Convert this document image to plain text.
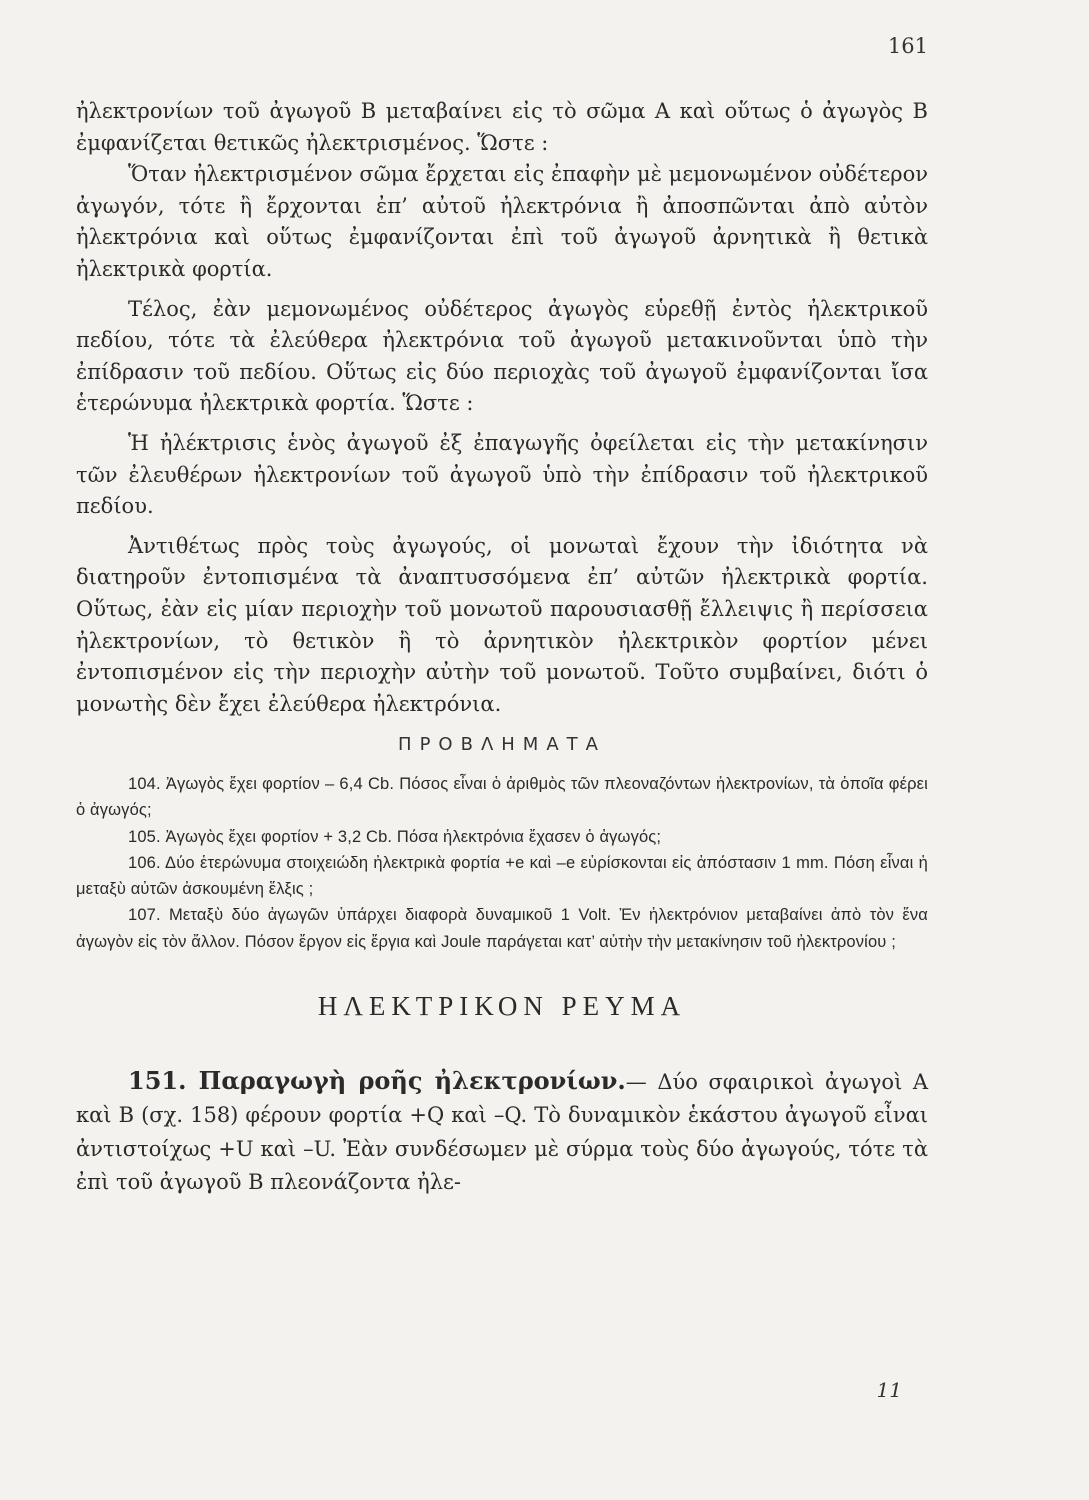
161

ἠλεκτρονίων τοῦ ἀγωγοῦ Β μεταβαίνει εἰς τὸ σῶμα Α καὶ οὕτως ὁ ἀγωγὸς Β ἐμφανίζεται θετικῶς ἠλεκτρισμένος. Ὥστε :

Ὅταν ἠλεκτρισμένον σῶμα ἔρχεται εἰς ἐπαφὴν μὲ μεμονωμένον οὐδέτερον ἀγωγόν, τότε ἢ ἔρχονται ἐπ’ αὐτοῦ ἠλεκτρόνια ἢ ἀποσπῶνται ἀπὸ αὐτὸν ἠλεκτρόνια καὶ οὕτως ἐμφανίζονται ἐπὶ τοῦ ἀγωγοῦ ἀρνητικὰ ἢ θετικὰ ἠλεκτρικὰ φορτία.

Τέλος, ἐὰν μεμονωμένος οὐδέτερος ἀγωγὸς εὑρεθῇ ἐντὸς ἠλεκτρικοῦ πεδίου, τότε τὰ ἐλεύθερα ἠλεκτρόνια τοῦ ἀγωγοῦ μετακινοῦνται ὑπὸ τὴν ἐπίδρασιν τοῦ πεδίου. Οὕτως εἰς δύο περιοχὰς τοῦ ἀγωγοῦ ἐμφανίζονται ἴσα ἑτερώνυμα ἠλεκτρικὰ φορτία. Ὥστε :

Ἡ ἠλέκτρισις ἑνὸς ἀγωγοῦ ἐξ ἐπαγωγῆς ὀφείλεται εἰς τὴν μετακίνησιν τῶν ἐλευθέρων ἠλεκτρονίων τοῦ ἀγωγοῦ ὑπὸ τὴν ἐπίδρασιν τοῦ ἠλεκτρικοῦ πεδίου.

Ἀντιθέτως πρὸς τοὺς ἀγωγούς, οἱ μονωταὶ ἔχουν τὴν ἰδιότητα νὰ διατηροῦν ἐντοπισμένα τὰ ἀναπτυσσόμενα ἐπ’ αὐτῶν ἠλεκτρικὰ φορτία. Οὕτως, ἐὰν εἰς μίαν περιοχὴν τοῦ μονωτοῦ παρουσιασθῇ ἔλλειψις ἢ περίσσεια ἠλεκτρονίων, τὸ θετικὸν ἢ τὸ ἀρνητικὸν ἠλεκτρικὸν φορτίον μένει ἐντοπισμένον εἰς τὴν περιοχὴν αὐτὴν τοῦ μονωτοῦ. Τοῦτο συμβαίνει, διότι ὁ μονωτὴς δὲν ἔχει ἐλεύθερα ἠλεκτρόνια.

ΠΡΟΒΛΗΜΑΤΑ

104. Ἀγωγὸς ἔχει φορτίον – 6,4 Cb. Πόσος εἶναι ὁ ἀριθμὸς τῶν πλεοναζόντων ἠλεκτρονίων, τὰ ὁποῖα φέρει ὁ ἀγωγός;

105. Ἀγωγὸς ἔχει φορτίον + 3,2 Cb. Πόσα ἠλεκτρόνια ἔχασεν ὁ ἀγωγός;

106. Δύο ἑτερώνυμα στοιχειώδη ἠλεκτρικὰ φορτία +e καὶ –e εὑρίσκονται εἰς ἀπόστασιν 1 mm. Πόση εἶναι ἡ μεταξὺ αὐτῶν ἀσκουμένη ἕλξις ;

107. Μεταξὺ δύο ἀγωγῶν ὑπάρχει διαφορὰ δυναμικοῦ 1 Volt. Ἐν ἠλεκτρόνιον μεταβαίνει ἀπὸ τὸν ἕνα ἀγωγὸν εἰς τὸν ἄλλον. Πόσον ἔργον εἰς ἔργια καὶ Joule παράγεται κατ’ αὐτὴν τὴν μετακίνησιν τοῦ ἠλεκτρονίου ;

ΗΛΕΚΤΡΙΚΟΝ ΡΕΥΜΑ

151. Παραγωγὴ ροῆς ἠλεκτρονίων.— Δύο σφαιρικοὶ ἀγωγοὶ Α καὶ Β (σχ. 158) φέρουν φορτία +Q καὶ –Q. Τὸ δυναμικὸν ἑκάστου ἀγωγοῦ εἶναι ἀντιστοίχως +U καὶ –U. Ἐὰν συνδέσωμεν μὲ σύρμα τοὺς δύο ἀγωγούς, τότε τὰ ἐπὶ τοῦ ἀγωγοῦ Β πλεονάζοντα ἠλε-

11
